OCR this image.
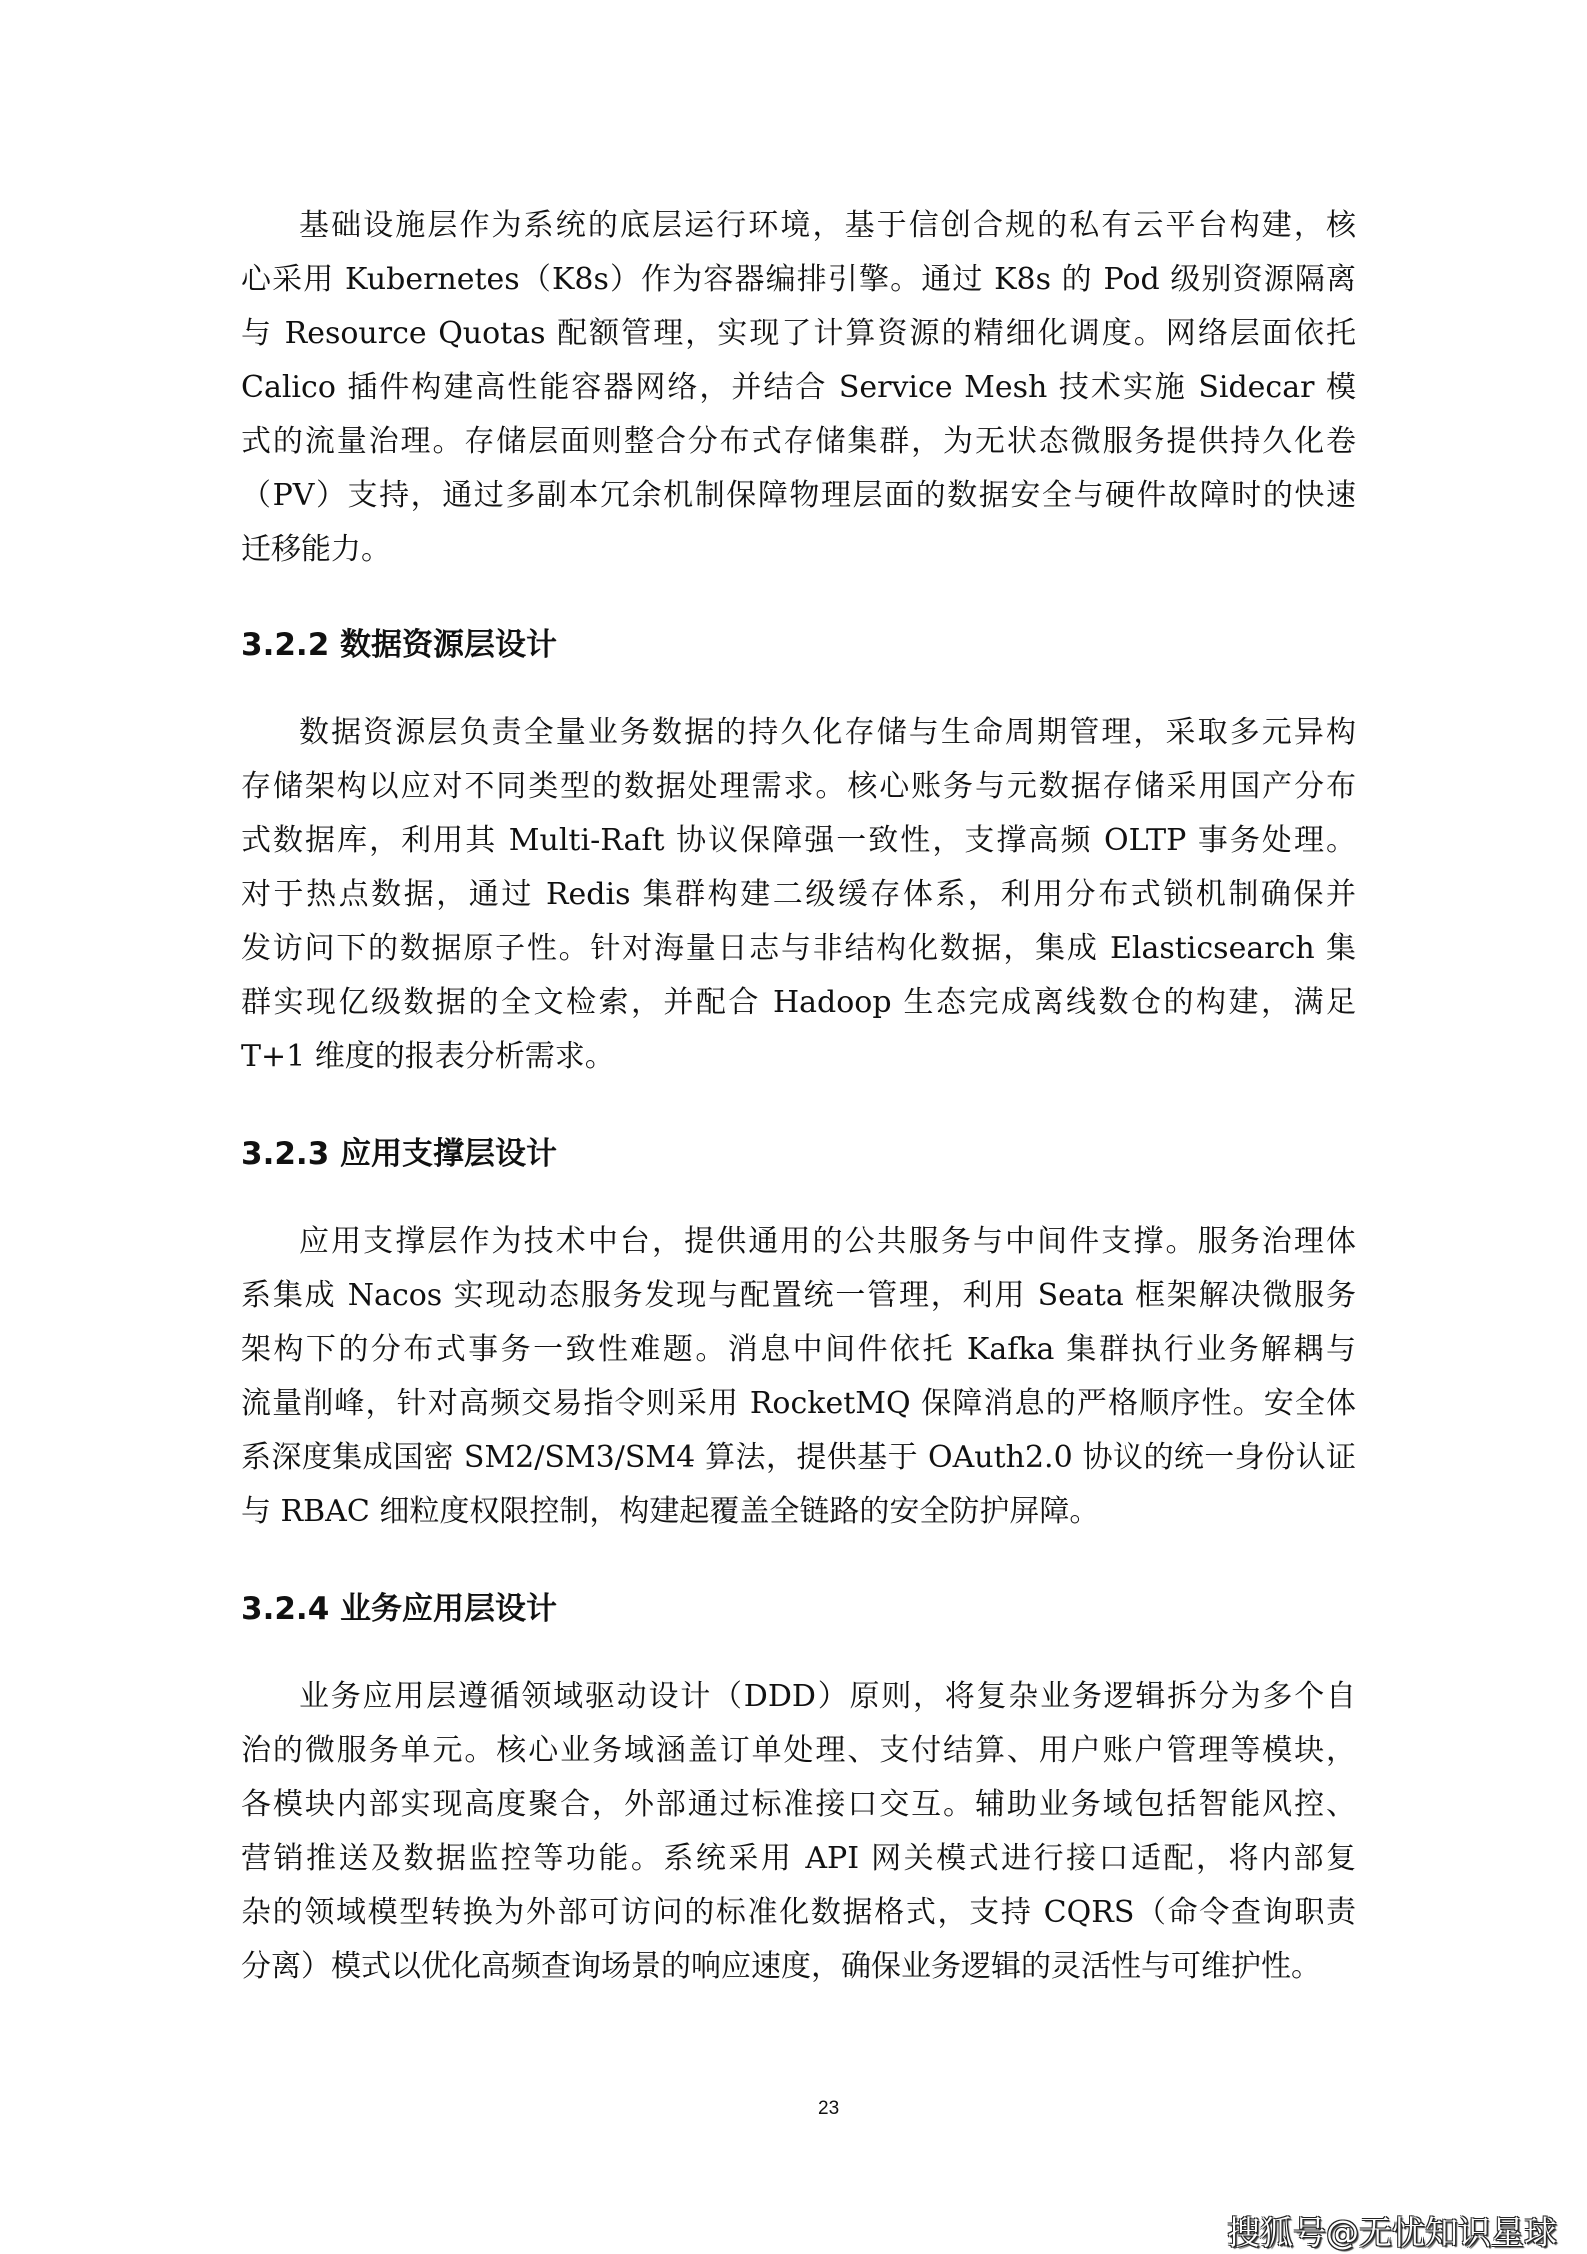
基础设施层作为系统的底层运行环境，基于信创合规的私有云平台构建，核
心采用 Kubernetes（K8s）作为容器编排引擎。通过 K8s 的 Pod 级别资源隔离
与 Resource Quotas 配额管理，实现了计算资源的精细化调度。网络层面依托
Calico 插件构建高性能容器网络，并结合 Service Mesh 技术实施 Sidecar 模
式的流量治理。存储层面则整合分布式存储集群，为无状态微服务提供持久化卷
（PV）支持，通过多副本冗余机制保障物理层面的数据安全与硬件故障时的快速
迁移能力。
3.2.2 数据资源层设计
数据资源层负责全量业务数据的持久化存储与生命周期管理，采取多元异构
存储架构以应对不同类型的数据处理需求。核心账务与元数据存储采用国产分布
式数据库，利用其 Multi-Raft 协议保障强一致性，支撑高频 OLTP 事务处理。
对于热点数据，通过 Redis 集群构建二级缓存体系，利用分布式锁机制确保并
发访问下的数据原子性。针对海量日志与非结构化数据，集成 Elasticsearch 集
群实现亿级数据的全文检索，并配合 Hadoop 生态完成离线数仓的构建，满足
T+1 维度的报表分析需求。
3.2.3 应用支撑层设计
应用支撑层作为技术中台，提供通用的公共服务与中间件支撑。服务治理体
系集成 Nacos 实现动态服务发现与配置统一管理，利用 Seata 框架解决微服务
架构下的分布式事务一致性难题。消息中间件依托 Kafka 集群执行业务解耦与
流量削峰，针对高频交易指令则采用 RocketMQ 保障消息的严格顺序性。安全体
系深度集成国密 SM2/SM3/SM4 算法，提供基于 OAuth2.0 协议的统一身份认证
与 RBAC 细粒度权限控制，构建起覆盖全链路的安全防护屏障。
3.2.4 业务应用层设计
业务应用层遵循领域驱动设计（DDD）原则，将复杂业务逻辑拆分为多个自
治的微服务单元。核心业务域涵盖订单处理、支付结算、用户账户管理等模块，
各模块内部实现高度聚合，外部通过标准接口交互。辅助业务域包括智能风控、
营销推送及数据监控等功能。系统采用 API 网关模式进行接口适配，将内部复
杂的领域模型转换为外部可访问的标准化数据格式，支持 CQRS（命令查询职责
分离）模式以优化高频查询场景的响应速度，确保业务逻辑的灵活性与可维护性。
23
搜狐号@无忧知识星球
